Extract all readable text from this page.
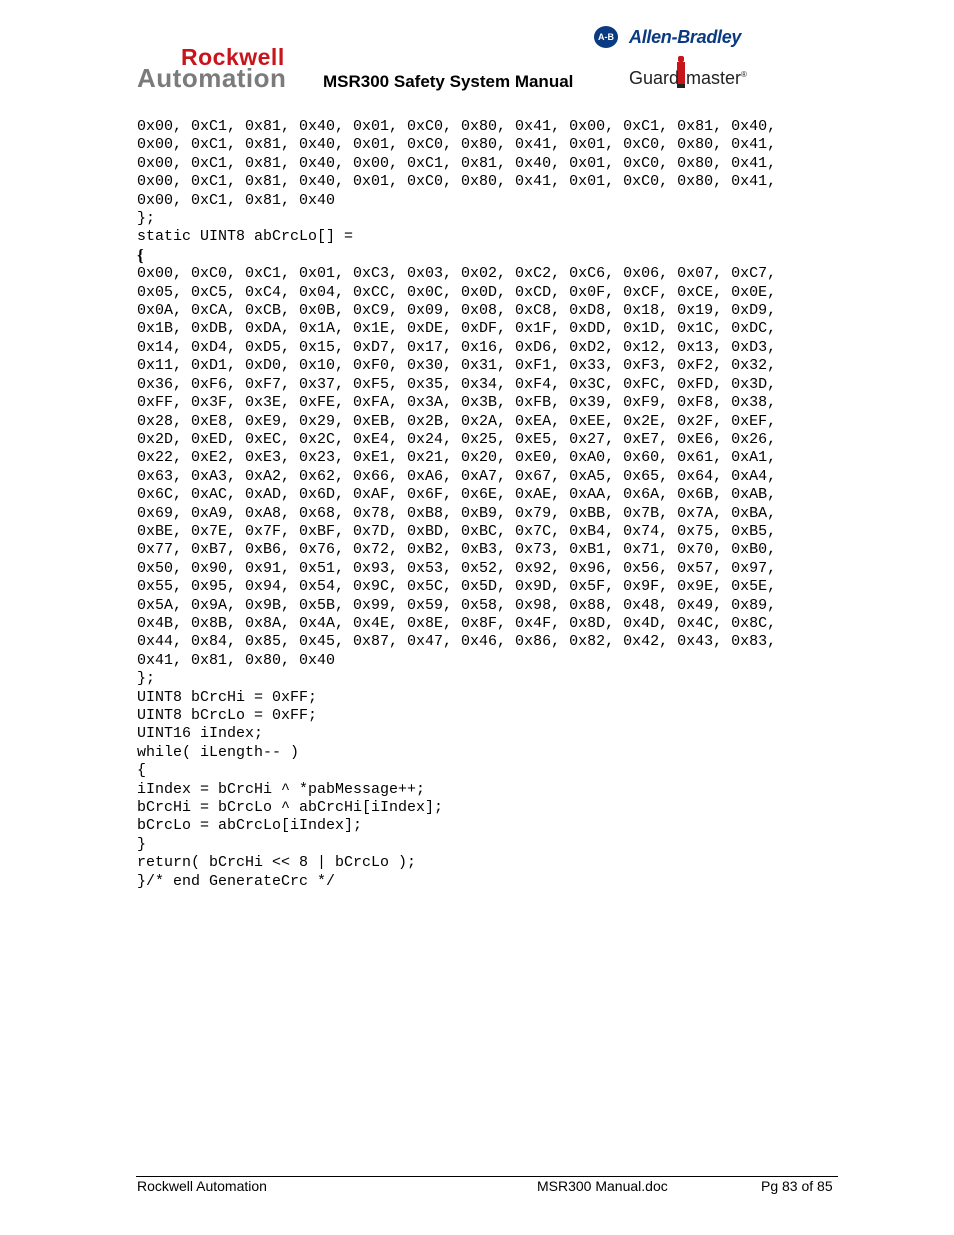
Rockwell
Automation	MSR300 Safety System Manual
A-B Allen-Bradley
Guard master®
0x00, 0xC1, 0x81, 0x40, 0x01, 0xC0, 0x80, 0x41, 0x00, 0xC1, 0x81, 0x40,
0x00, 0xC1, 0x81, 0x40, 0x01, 0xC0, 0x80, 0x41, 0x01, 0xC0, 0x80, 0x41,
0x00, 0xC1, 0x81, 0x40, 0x00, 0xC1, 0x81, 0x40, 0x01, 0xC0, 0x80, 0x41,
0x00, 0xC1, 0x81, 0x40, 0x01, 0xC0, 0x80, 0x41, 0x01, 0xC0, 0x80, 0x41,
0x00, 0xC1, 0x81, 0x40
};
static UINT8 abCrcLo[] =
{
0x00, 0xC0, 0xC1, 0x01, 0xC3, 0x03, 0x02, 0xC2, 0xC6, 0x06, 0x07, 0xC7,
0x05, 0xC5, 0xC4, 0x04, 0xCC, 0x0C, 0x0D, 0xCD, 0x0F, 0xCF, 0xCE, 0x0E,
0x0A, 0xCA, 0xCB, 0x0B, 0xC9, 0x09, 0x08, 0xC8, 0xD8, 0x18, 0x19, 0xD9,
0x1B, 0xDB, 0xDA, 0x1A, 0x1E, 0xDE, 0xDF, 0x1F, 0xDD, 0x1D, 0x1C, 0xDC,
0x14, 0xD4, 0xD5, 0x15, 0xD7, 0x17, 0x16, 0xD6, 0xD2, 0x12, 0x13, 0xD3,
0x11, 0xD1, 0xD0, 0x10, 0xF0, 0x30, 0x31, 0xF1, 0x33, 0xF3, 0xF2, 0x32,
0x36, 0xF6, 0xF7, 0x37, 0xF5, 0x35, 0x34, 0xF4, 0x3C, 0xFC, 0xFD, 0x3D,
0xFF, 0x3F, 0x3E, 0xFE, 0xFA, 0x3A, 0x3B, 0xFB, 0x39, 0xF9, 0xF8, 0x38,
0x28, 0xE8, 0xE9, 0x29, 0xEB, 0x2B, 0x2A, 0xEA, 0xEE, 0x2E, 0x2F, 0xEF,
0x2D, 0xED, 0xEC, 0x2C, 0xE4, 0x24, 0x25, 0xE5, 0x27, 0xE7, 0xE6, 0x26,
0x22, 0xE2, 0xE3, 0x23, 0xE1, 0x21, 0x20, 0xE0, 0xA0, 0x60, 0x61, 0xA1,
0x63, 0xA3, 0xA2, 0x62, 0x66, 0xA6, 0xA7, 0x67, 0xA5, 0x65, 0x64, 0xA4,
0x6C, 0xAC, 0xAD, 0x6D, 0xAF, 0x6F, 0x6E, 0xAE, 0xAA, 0x6A, 0x6B, 0xAB,
0x69, 0xA9, 0xA8, 0x68, 0x78, 0xB8, 0xB9, 0x79, 0xBB, 0x7B, 0x7A, 0xBA,
0xBE, 0x7E, 0x7F, 0xBF, 0x7D, 0xBD, 0xBC, 0x7C, 0xB4, 0x74, 0x75, 0xB5,
0x77, 0xB7, 0xB6, 0x76, 0x72, 0xB2, 0xB3, 0x73, 0xB1, 0x71, 0x70, 0xB0,
0x50, 0x90, 0x91, 0x51, 0x93, 0x53, 0x52, 0x92, 0x96, 0x56, 0x57, 0x97,
0x55, 0x95, 0x94, 0x54, 0x9C, 0x5C, 0x5D, 0x9D, 0x5F, 0x9F, 0x9E, 0x5E,
0x5A, 0x9A, 0x9B, 0x5B, 0x99, 0x59, 0x58, 0x98, 0x88, 0x48, 0x49, 0x89,
0x4B, 0x8B, 0x8A, 0x4A, 0x4E, 0x8E, 0x8F, 0x4F, 0x8D, 0x4D, 0x4C, 0x8C,
0x44, 0x84, 0x85, 0x45, 0x87, 0x47, 0x46, 0x86, 0x82, 0x42, 0x43, 0x83,
0x41, 0x81, 0x80, 0x40
};
UINT8 bCrcHi = 0xFF;
UINT8 bCrcLo = 0xFF;
UINT16 iIndex;
while( iLength-- )
{
iIndex = bCrcHi ^ *pabMessage++;
bCrcHi = bCrcLo ^ abCrcHi[iIndex];
bCrcLo = abCrcLo[iIndex];
}
return( bCrcHi << 8 | bCrcLo );
}/* end GenerateCrc */
Rockwell Automation	MSR300 Manual.doc	Pg 83 of 85
